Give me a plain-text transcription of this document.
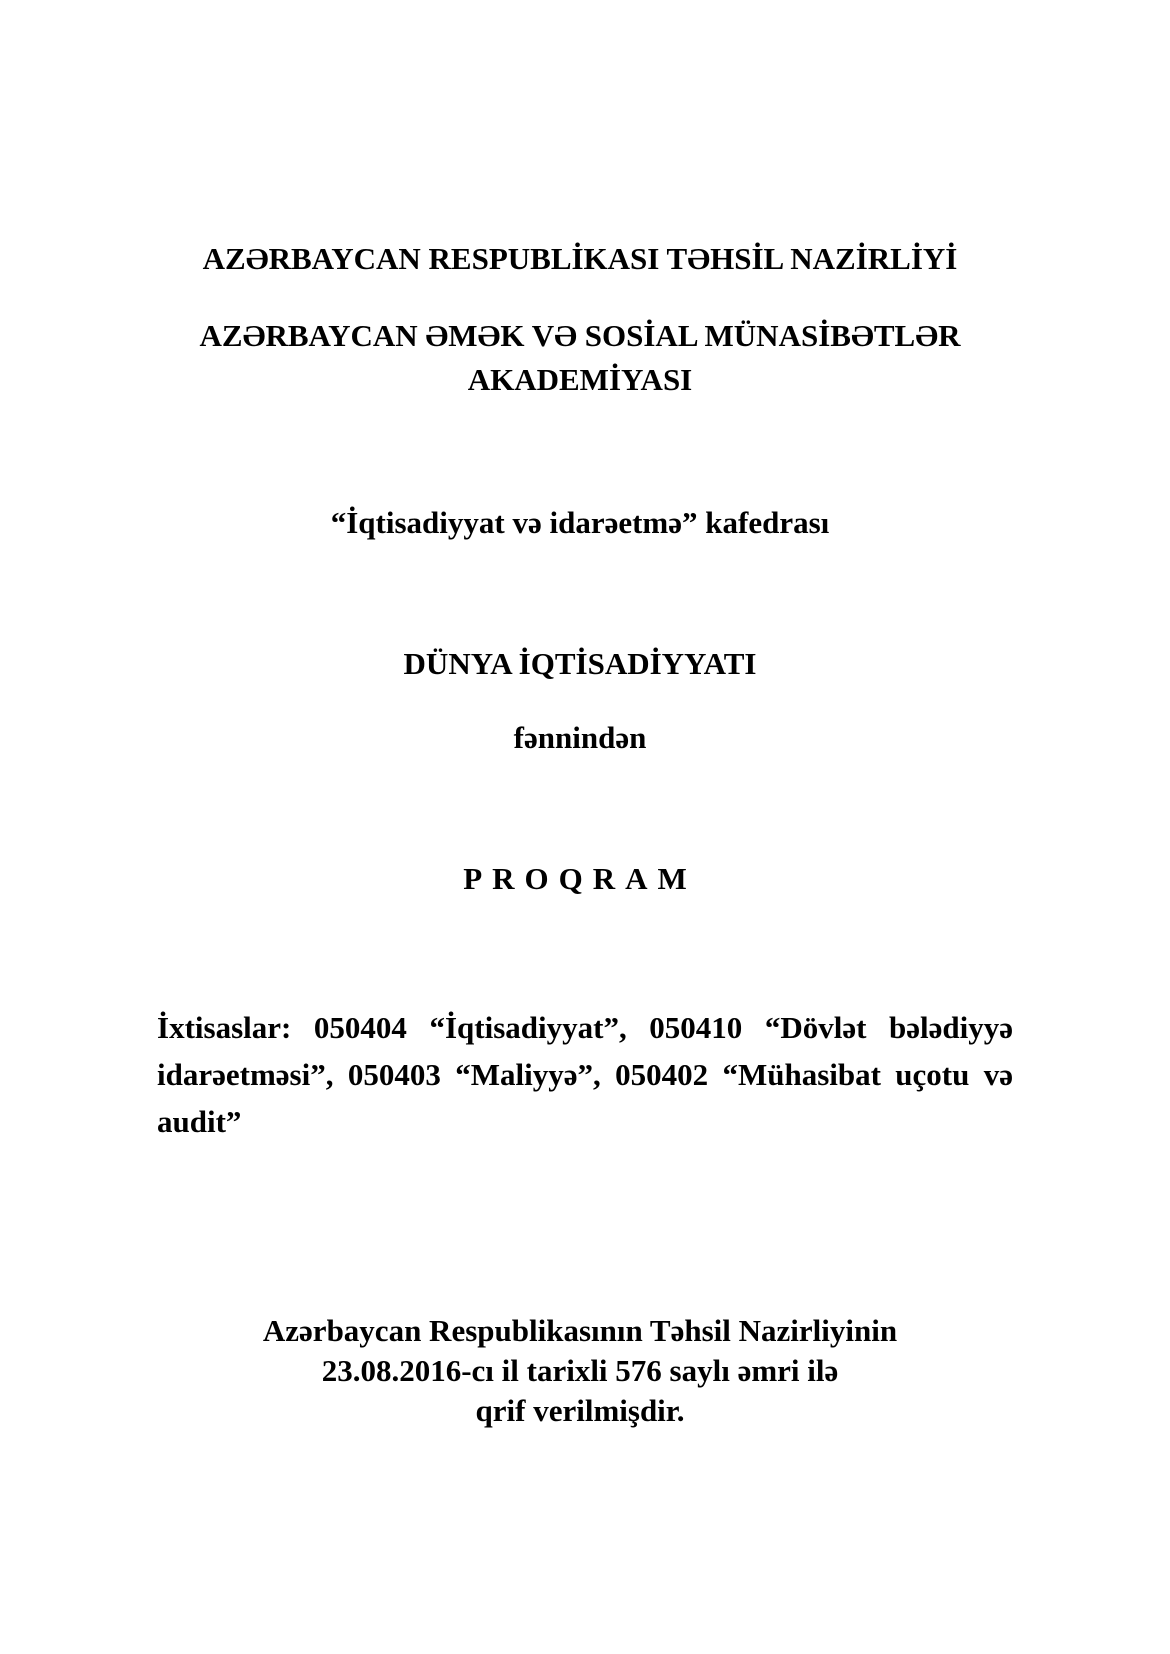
AZƏRBAYCAN RESPUBLİKASI TƏHSİL NAZİRLİYİ
AZƏRBAYCAN ƏMƏK VƏ SOSİAL MÜNASİBƏTLƏR
AKADEMİYASI
“İqtisadiyyat və idarəetmə” kafedrası
DÜNYA İQTİSADİYYATI
fənnindən
PROQRAM
İxtisaslar: 050404 “İqtisadiyyat”, 050410 “Dövlət bələdiyyə idarəetməsi”, 050403 “Maliyyə”, 050402 “Mühasibat uçotu və audit”
Azərbaycan Respublikasının Təhsil Nazirliyinin
23.08.2016-cı il tarixli 576 saylı əmri ilə
qrif verilmişdir.
